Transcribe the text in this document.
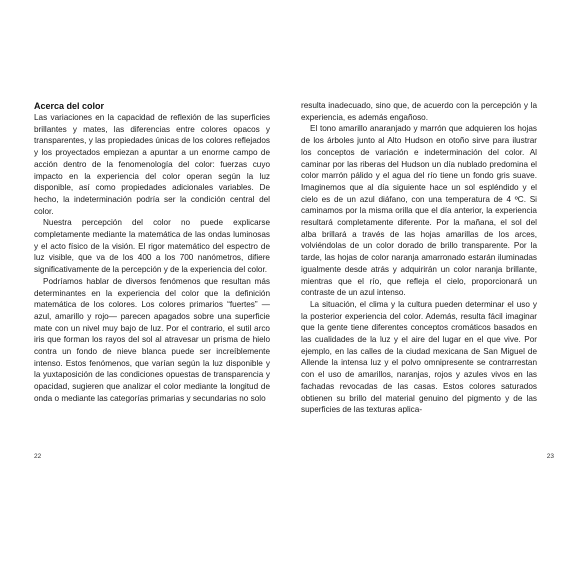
Acerca del color

Las variaciones en la capacidad de reflexión de las superficies brillantes y mates, las diferencias entre colores opacos y transparentes, y las propiedades únicas de los colores reflejados y los proyectados empiezan a apuntar a un enorme campo de acción dentro de la fenomenología del color: fuerzas cuyo impacto en la experiencia del color operan según la luz disponible, así como propiedades adicionales variables. De hecho, la indeterminación podría ser la condición central del color.

Nuestra percepción del color no puede explicarse completamente mediante la matemática de las ondas luminosas y el acto físico de la visión. El rigor matemático del espectro de luz visible, que va de los 400 a los 700 nanómetros, difiere significativamente de la percepción y de la experiencia del color.

Podríamos hablar de diversos fenómenos que resultan más determinantes en la experiencia del color que la definición matemática de los colores. Los colores primarios “fuertes” —azul, amarillo y rojo— parecen apagados sobre una superficie mate con un nivel muy bajo de luz. Por el contrario, el sutil arco iris que forman los rayos del sol al atravesar un prisma de hielo contra un fondo de nieve blanca puede ser increíblemente intenso. Estos fenómenos, que varían según la luz disponible y la yuxtaposición de las condiciones opuestas de transparencia y opacidad, sugieren que analizar el color mediante la longitud de onda o mediante las categorías primarias y secundarias no solo

22

resulta inadecuado, sino que, de acuerdo con la percepción y la experiencia, es además engañoso.

El tono amarillo anaranjado y marrón que adquieren los hojas de los árboles junto al Alto Hudson en otoño sirve para ilustrar los conceptos de variación e indeterminación del color. Al caminar por las riberas del Hudson un día nublado predomina el color marrón pálido y el agua del río tiene un fondo gris suave. Imaginemos que al día siguiente hace un sol espléndido y el cielo es de un azul diáfano, con una temperatura de 4 ºC. Si caminamos por la misma orilla que el día anterior, la experiencia resultará completamente diferente. Por la mañana, el sol del alba brillará a través de las hojas amarillas de los arces, volviéndolas de un color dorado de brillo transparente. Por la tarde, las hojas de color naranja amarronado estarán iluminadas igualmente desde atrás y adquirirán un color naranja brillante, mientras que el río, que refleja el cielo, proporcionará un contraste de un azul intenso.

La situación, el clima y la cultura pueden determinar el uso y la posterior experiencia del color. Además, resulta fácil imaginar que la gente tiene diferentes conceptos cromáticos basados en las cualidades de la luz y el aire del lugar en el que vive. Por ejemplo, en las calles de la ciudad mexicana de San Miguel de Allende la intensa luz y el polvo omnipresente se contrarrestan con el uso de amarillos, naranjas, rojos y azules vivos en las fachadas revocadas de las casas. Estos colores saturados obtienen su brillo del material genuino del pigmento y de las superficies de las texturas aplica-

23
